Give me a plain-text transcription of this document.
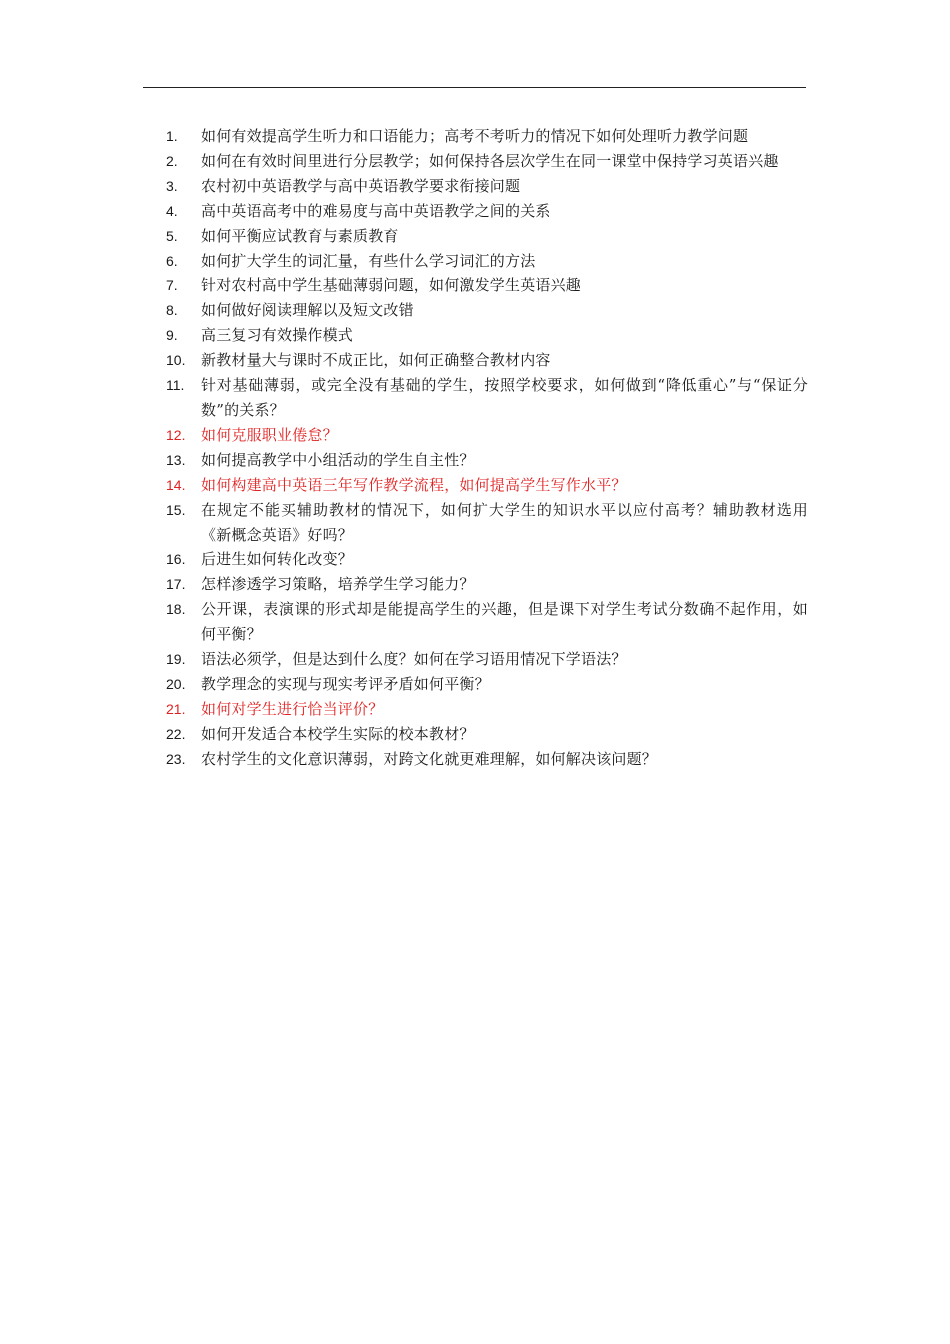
1.	如何有效提高学生听力和口语能力；高考不考听力的情况下如何处理听力教学问题
2.	如何在有效时间里进行分层教学；如何保持各层次学生在同一课堂中保持学习英语兴趣
3.	农村初中英语教学与高中英语教学要求衔接问题
4.	高中英语高考中的难易度与高中英语教学之间的关系
5.	如何平衡应试教育与素质教育
6.	如何扩大学生的词汇量，有些什么学习词汇的方法
7.	针对农村高中学生基础薄弱问题，如何激发学生英语兴趣
8.	如何做好阅读理解以及短文改错
9.	高三复习有效操作模式
10.	新教材量大与课时不成正比，如何正确整合教材内容
11.	针对基础薄弱，或完全没有基础的学生，按照学校要求，如何做到“降低重心”与“保证分数”的关系？
12.	如何克服职业倦怠？
13.	如何提高教学中小组活动的学生自主性？
14.	如何构建高中英语三年写作教学流程，如何提高学生写作水平？
15.	在规定不能买辅助教材的情况下，如何扩大学生的知识水平以应付高考？辅助教材选用《新概念英语》好吗？
16.	后进生如何转化改变？
17.	怎样渗透学习策略，培养学生学习能力？
18.	公开课，表演课的形式却是能提高学生的兴趣，但是课下对学生考试分数确不起作用，如何平衡？
19.	语法必须学，但是达到什么度？如何在学习语用情况下学语法？
20.	教学理念的实现与现实考评矛盾如何平衡？
21.	如何对学生进行恰当评价？
22.	如何开发适合本校学生实际的校本教材？
23.	农村学生的文化意识薄弱，对跨文化就更难理解，如何解决该问题？
